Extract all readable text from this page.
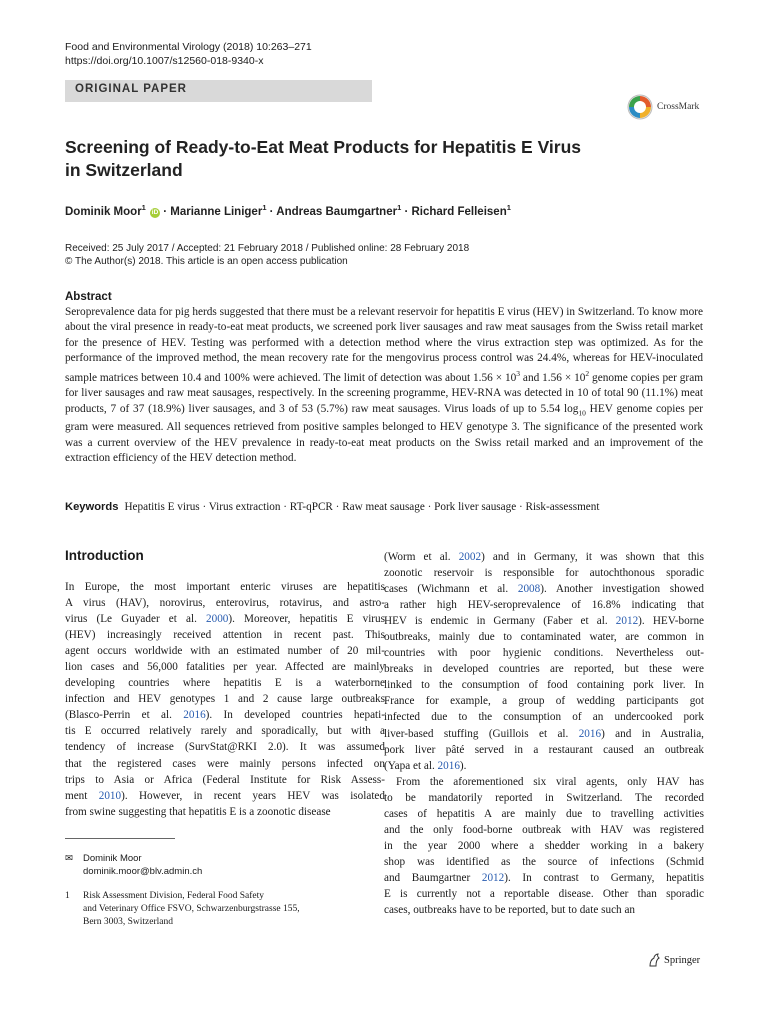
Food and Environmental Virology (2018) 10:263–271
https://doi.org/10.1007/s12560-018-9340-x
ORIGINAL PAPER
CrossMark
Screening of Ready-to-Eat Meat Products for Hepatitis E Virus
in Switzerland
Dominik Moor$^1$ iD · Marianne Liniger$^1$ · Andreas Baumgartner$^1$ · Richard Felleisen$^1$
Received: 25 July 2017 / Accepted: 21 February 2018 / Published online: 28 February 2018
© The Author(s) 2018. This article is an open access publication
Abstract
Seroprevalence data for pig herds suggested that there must be a relevant reservoir for hepatitis E virus (HEV) in Switzerland. To know more about the viral presence in ready-to-eat meat products, we screened pork liver sausages and raw meat sausages from the Swiss retail market for the presence of HEV. Testing was performed with a detection method where the virus extraction step was optimized. As for the performance of the improved method, the mean recovery rate for the mengovirus process control was 24.4%, whereas for HEV-inoculated sample matrices between 10.4 and 100% were achieved. The limit of detection was about $1.56 \times 10^3$ and $1.56 \times 10^2$ genome copies per gram for liver sausages and raw meat sausages, respectively. In the screening programme, HEV-RNA was detected in 10 of total 90 (11.1%) meat products, 7 of 37 (18.9%) liver sausages, and 3 of 53 (5.7%) raw meat sausages. Virus loads of up to 5.54 $\log_{10}$ HEV genome copies per gram were measured. All sequences retrieved from positive samples belonged to HEV genotype 3. The significance of the presented work was a current overview of the HEV prevalence in ready-to-eat meat products on the Swiss retail marked and an improvement of the extraction efficiency of the HEV detection method.
Keywords Hepatitis E virus · Virus extraction · RT-qPCR · Raw meat sausage · Pork liver sausage · Risk-assessment
Introduction
In Europe, the most important enteric viruses are hepatitis
A virus (HAV), norovirus, enterovirus, rotavirus, and astro-
virus (Le Guyader et al. 2000). Moreover, hepatitis E virus
(HEV) increasingly received attention in recent past. This
agent occurs worldwide with an estimated number of 20 mil-
lion cases and 56,000 fatalities per year. Affected are mainly
developing countries where hepatitis E is a waterborne
infection and HEV genotypes 1 and 2 cause large outbreaks
(Blasco-Perrin et al. 2016). In developed countries hepati-
tis E occurred relatively rarely and sporadically, but with a
tendency of increase (SurvStat@RKI 2.0). It was assumed
that the registered cases were mainly persons infected on
trips to Asia or Africa (Federal Institute for Risk Assess-
ment 2010). However, in recent years HEV was isolated
from swine suggesting that hepatitis E is a zoonotic disease
(Worm et al. 2002) and in Germany, it was shown that this
zoonotic reservoir is responsible for autochthonous sporadic
cases (Wichmann et al. 2008). Another investigation showed
a rather high HEV-seroprevalence of 16.8% indicating that
HEV is endemic in Germany (Faber et al. 2012). HEV-borne
outbreaks, mainly due to contaminated water, are common in
countries with poor hygienic conditions. Nevertheless out-
breaks in developed countries are reported, but these were
linked to the consumption of food containing pork liver. In
France for example, a group of wedding participants got
infected due to the consumption of an undercooked pork
liver-based stuffing (Guillois et al. 2016) and in Australia,
pork liver pâté served in a restaurant caused an outbreak
(Yapa et al. 2016).
From the aforementioned six viral agents, only HAV has
to be mandatorily reported in Switzerland. The recorded
cases of hepatitis A are mainly due to travelling activities
and the only food-borne outbreak with HAV was registered
in the year 2000 where a shedder working in a bakery
shop was identified as the source of infections (Schmid
and Baumgartner 2012). In contrast to Germany, hepatitis
E is currently not a reportable disease. Other than sporadic
cases, outbreaks have to be reported, but to date such an
✉ Dominik Moor
dominik.moor@blv.admin.ch
1 Risk Assessment Division, Federal Food Safety
and Veterinary Office FSVO, Schwarzenburgstrasse 155,
Bern 3003, Switzerland
Springer
